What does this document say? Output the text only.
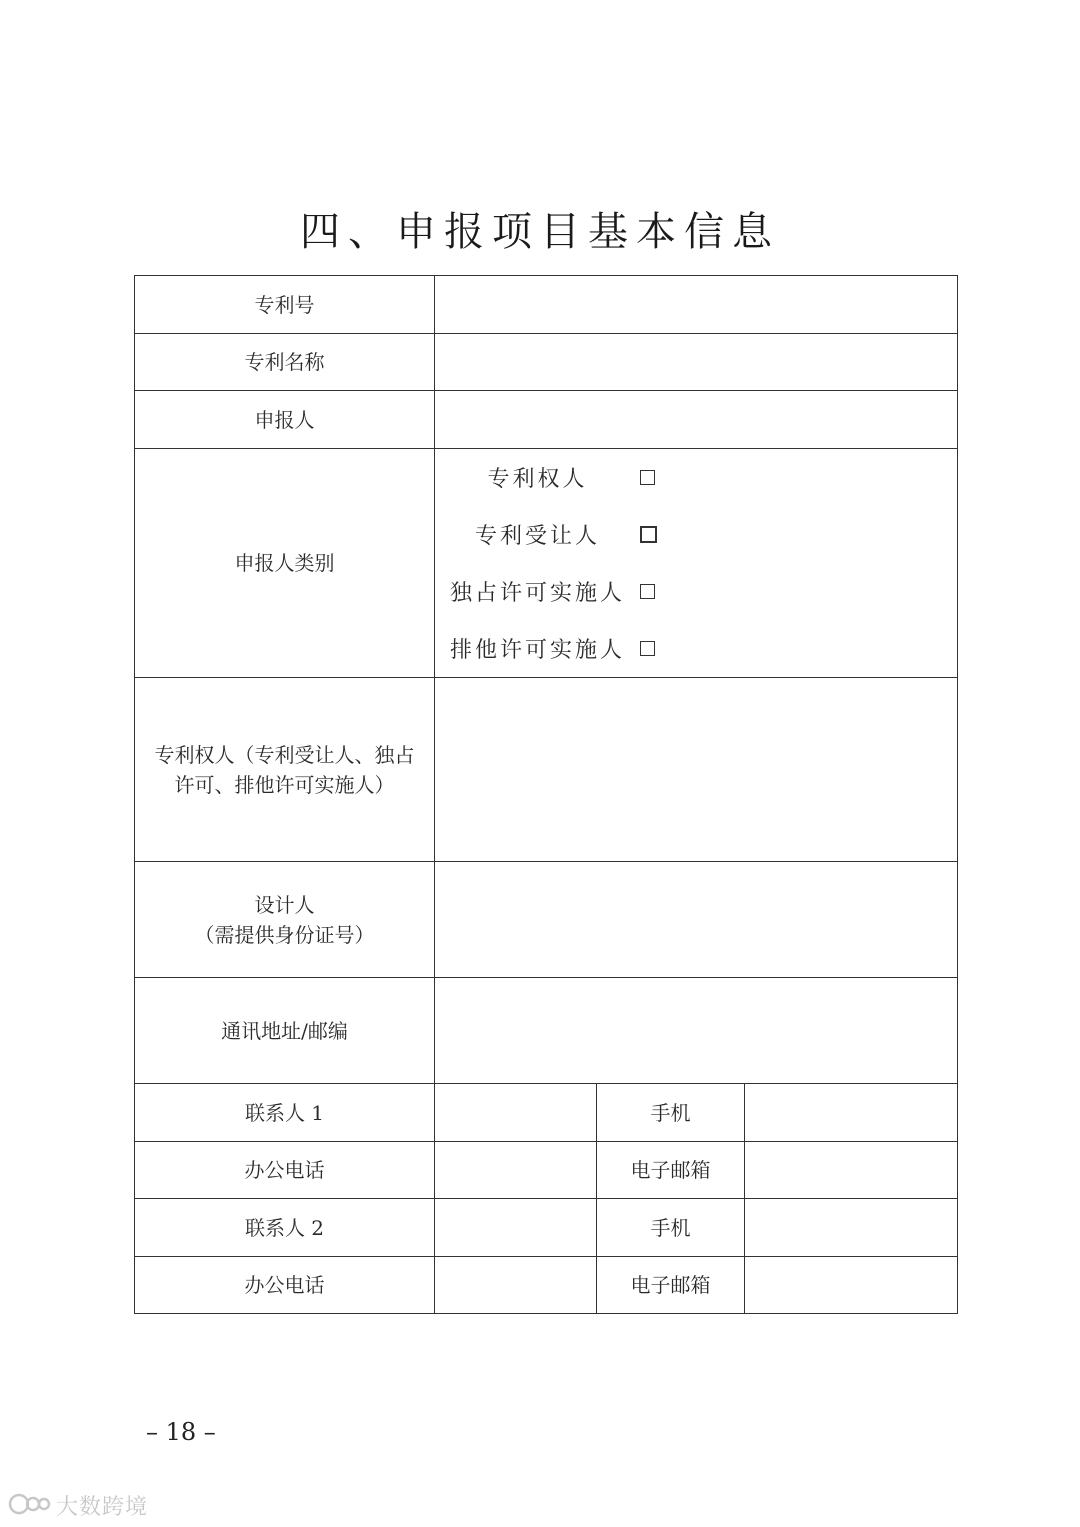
四、申报项目基本信息
专利号			
专利名称			
申报人			
申报人类别	专利权人
专利受让人
独占许可实施人
排他许可实施人		

专利权人（专利受让人、独占
许可、排他许可实施人）			

设计人
（需提供身份证号）			

通讯地址/邮编			
联系人 1		手机	
办公电话		电子邮箱	
联系人 2		手机	
办公电话		电子邮箱	
– 18 –
大数跨境
